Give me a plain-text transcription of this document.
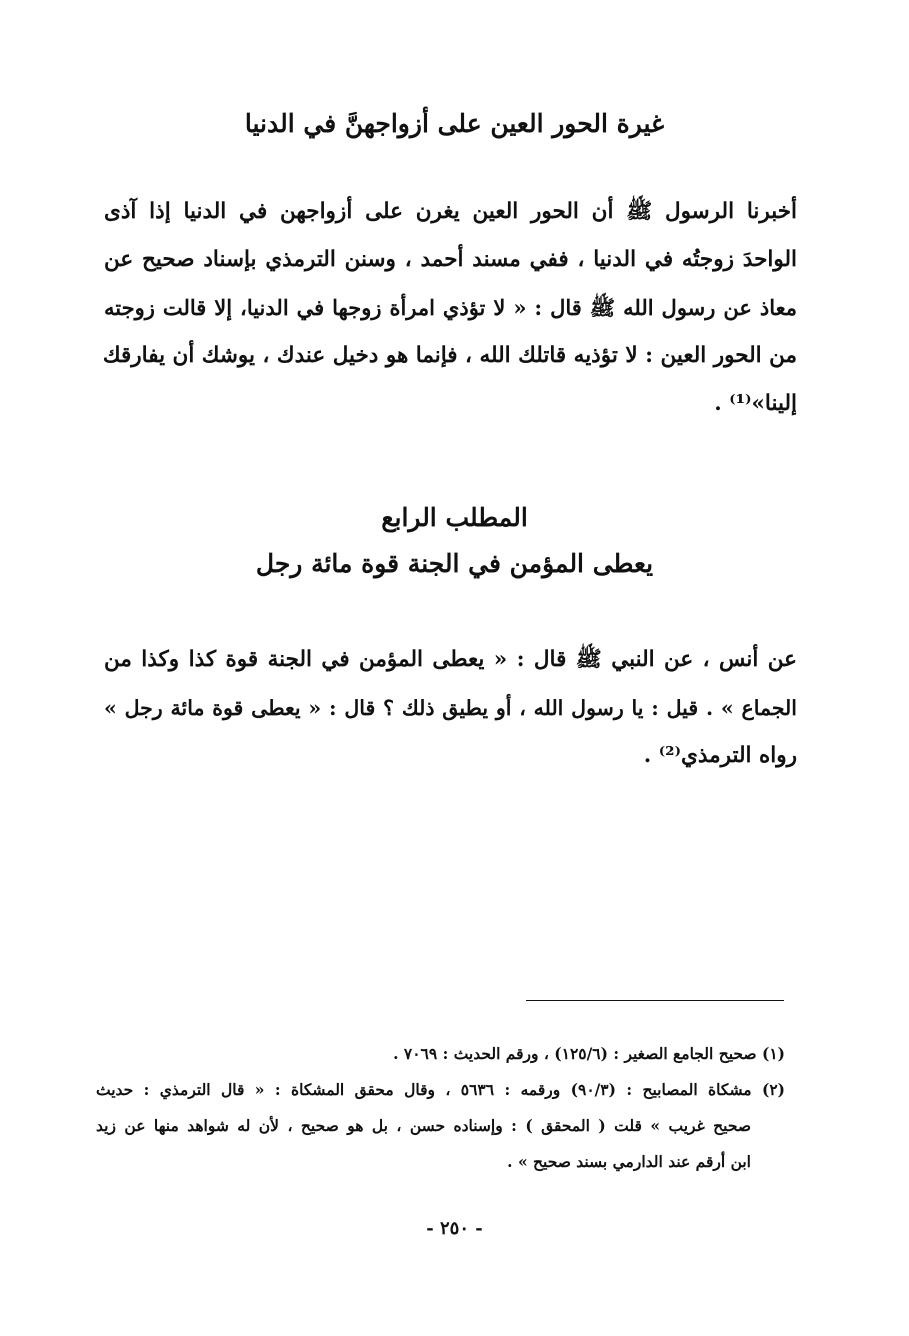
غيرة الحور العين على أزواجهنَّ في الدنيا
أخبرنا الرسول ﷺ أن الحور العين يغرن على أزواجهن في الدنيا إذا آذى
الواحدَ زوجتُه في الدنيا ، ففي مسند أحمد ، وسنن الترمذي بإسناد صحيح عن
معاذ عن رسول الله ﷺ قال : « لا تؤذي امرأة زوجها في الدنيا، إلا قالت زوجته
من الحور العين : لا تؤذيه قاتلك الله ، فإنما هو دخيل عندك ، يوشك أن يفارقك
إلينا»⁽¹⁾ .
المطلب الرابع
يعطى المؤمن في الجنة قوة مائة رجل
عن أنس ، عن النبي ﷺ قال : « يعطى المؤمن في الجنة قوة كذا وكذا من
الجماع » . قيل : يا رسول الله ، أو يطيق ذلك ؟ قال : « يعطى قوة مائة رجل »
رواه الترمذي⁽²⁾ .
(١) صحيح الجامع الصغير : (١٢٥/٦) ، ورقم الحديث : ٧٠٦٩ .
(٢) مشكاة المصابيح : (٩٠/٣) ورقمه : ٥٦٣٦ ، وقال محقق المشكاة : « قال الترمذي : حديث
صحيح غريب » قلت ( المحقق ) : وإسناده حسن ، بل هو صحيح ، لأن له شواهد منها عن زيد
ابن أرقم عند الدارمي بسند صحيح » .
- ٢٥٠ -
